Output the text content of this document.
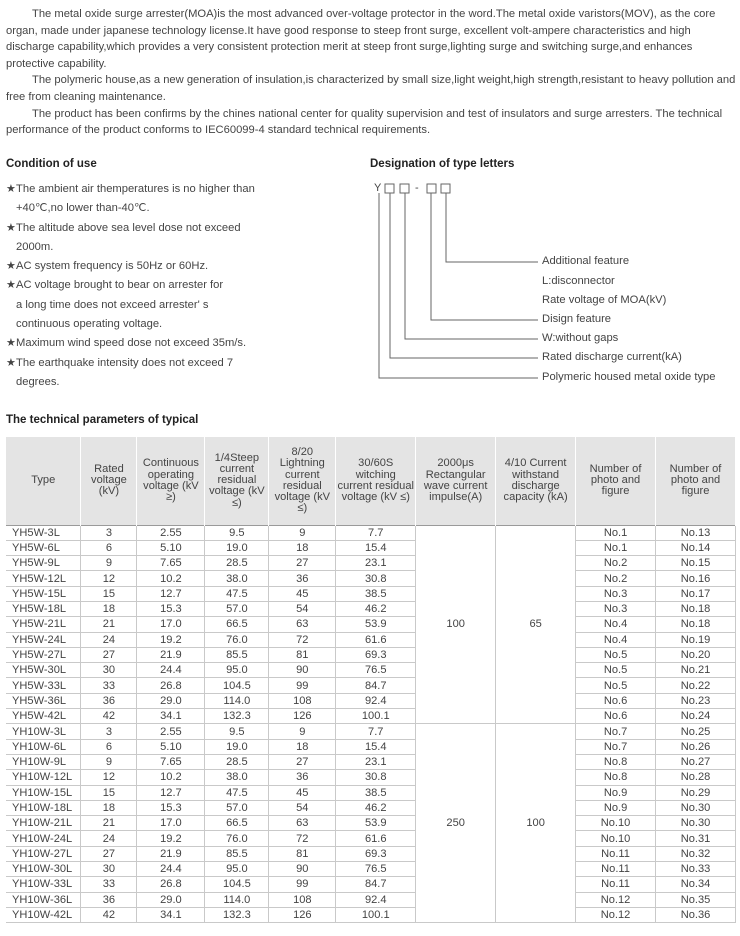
The metal oxide surge arrester(MOA)is the most advanced over-voltage protector in the word.The metal oxide varistors(MOV), as the core organ, made under japanese technology license.It have good response to steep front surge, excellent volt-ampere characteristics and high discharge capability,which provides a very consistent protection merit at steep front surge,lighting surge and switching surge,and enhances protective capability.

The polymeric house,as a new generation of insulation,is characterized by small size,light weight,high strength,resistant to heavy pollution and free from cleaning maintenance.

The product has been confirms by the chines national center for quality supervision and test of insulators and surge arresters. The technical performance of the product conforms to IEC60099-4 standard technical requirements.

Condition of use
★The ambient air themperatures is no higher than
+40℃,no lower than-40℃.
★The altitude above sea level dose not exceed
2000m.
★AC system frequency is 50Hz or 60Hz.
★AC voltage brought to bear on arrester for
a long time does not exceed arrester' s
continuous operating voltage.
★Maximum wind speed dose not exceed 35m/s.
★The earthquake intensity does not exceed 7
degrees.
Designation of type letters
Y	-
Additional feature
L:disconnector
Rate voltage of MOA(kV)
Disign feature
W:without gaps
Rated discharge current(kA)
Polymeric housed metal oxide type
The technical parameters of typical
Type	Rated voltage (kV)	Continuous operating voltage (kV ≥)	1/4Steep current residual voltage (kV ≤)	8/20 Lightning current residual voltage (kV ≤)	30/60S witching current residual voltage (kV ≤)	2000μs Rectangular wave current impulse(A)	4/10 Current withstand discharge capacity (kA)	Number of photo and figure	Number of photo and figure
YH5W-3L	3	2.55	9.5	9	7.7	100	65	No.1	No.13
YH5W-6L	6	5.10	19.0	18	15.4			No.1	No.14
YH5W-9L	9	7.65	28.5	27	23.1			No.2	No.15
YH5W-12L	12	10.2	38.0	36	30.8			No.2	No.16
YH5W-15L	15	12.7	47.5	45	38.5			No.3	No.17
YH5W-18L	18	15.3	57.0	54	46.2			No.3	No.18
YH5W-21L	21	17.0	66.5	63	53.9			No.4	No.18
YH5W-24L	24	19.2	76.0	72	61.6			No.4	No.19
YH5W-27L	27	21.9	85.5	81	69.3			No.5	No.20
YH5W-30L	30	24.4	95.0	90	76.5			No.5	No.21
YH5W-33L	33	26.8	104.5	99	84.7			No.5	No.22
YH5W-36L	36	29.0	114.0	108	92.4			No.6	No.23
YH5W-42L	42	34.1	132.3	126	100.1			No.6	No.24
YH10W-3L	3	2.55	9.5	9	7.7	250	100	No.7	No.25
YH10W-6L	6	5.10	19.0	18	15.4			No.7	No.26
YH10W-9L	9	7.65	28.5	27	23.1			No.8	No.27
YH10W-12L	12	10.2	38.0	36	30.8			No.8	No.28
YH10W-15L	15	12.7	47.5	45	38.5			No.9	No.29
YH10W-18L	18	15.3	57.0	54	46.2			No.9	No.30
YH10W-21L	21	17.0	66.5	63	53.9			No.10	No.30
YH10W-24L	24	19.2	76.0	72	61.6			No.10	No.31
YH10W-27L	27	21.9	85.5	81	69.3			No.11	No.32
YH10W-30L	30	24.4	95.0	90	76.5			No.11	No.33
YH10W-33L	33	26.8	104.5	99	84.7			No.11	No.34
YH10W-36L	36	29.0	114.0	108	92.4			No.12	No.35
YH10W-42L	42	34.1	132.3	126	100.1			No.12	No.36
